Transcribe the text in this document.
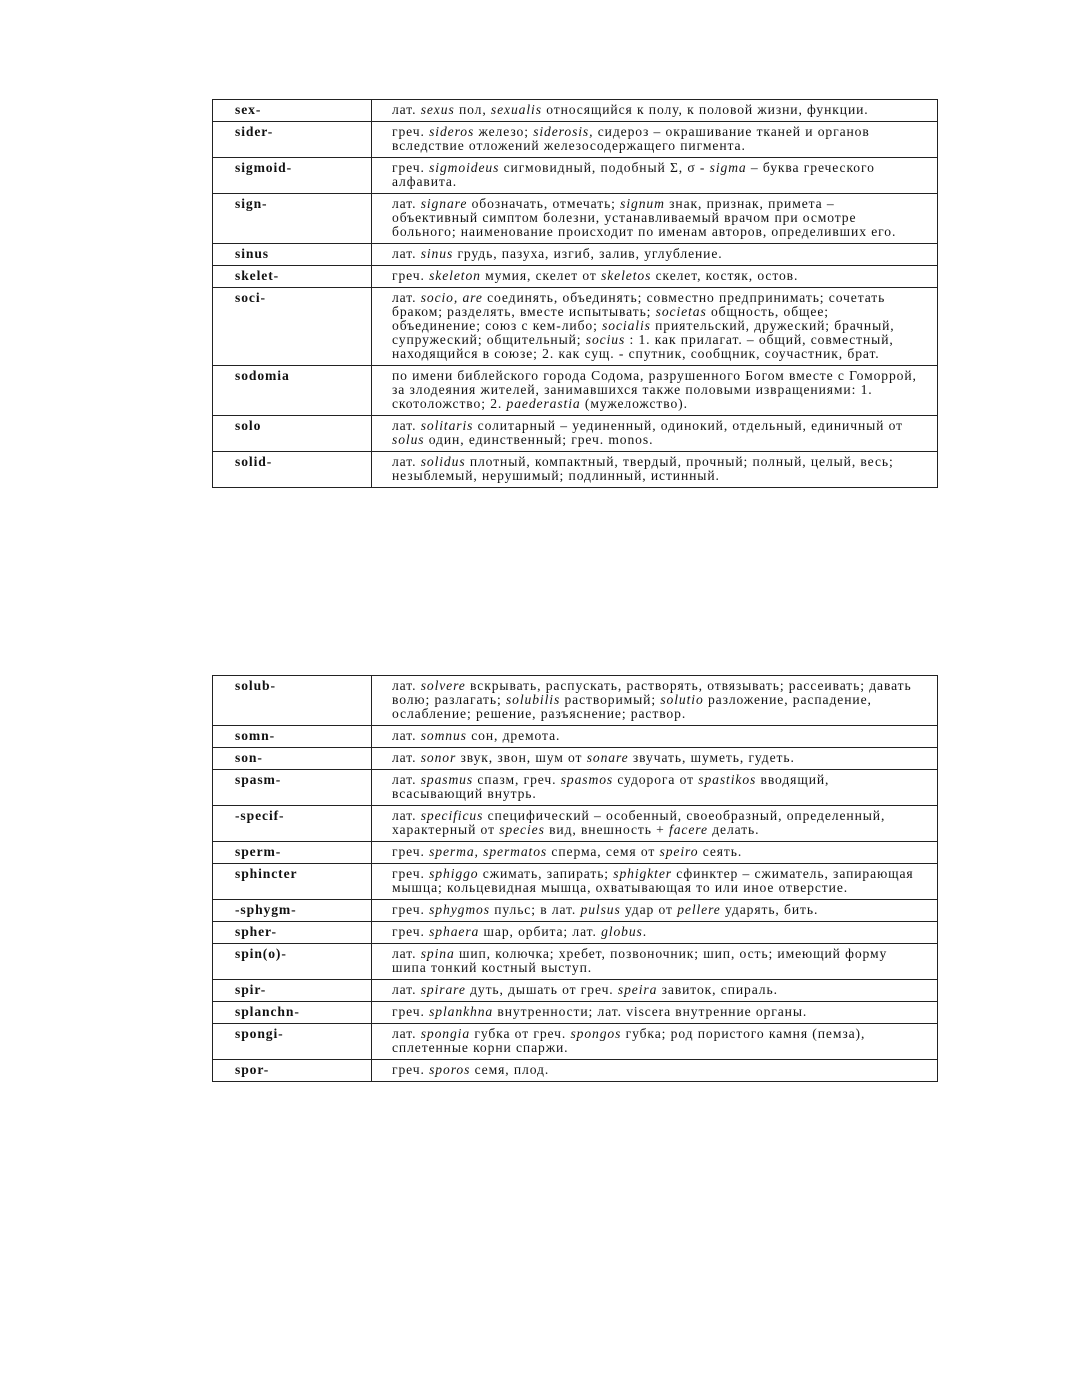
sex-	лат. sexus пол, sexualis относящийся к полу, к половой жизни, функции.
sider-	греч. sideros железо; siderosis, сидероз – окрашивание тканей и органов вследствие отложений железосодержащего пигмента.
sigmoid-	греч. sigmoideus сигмовидный, подобный Σ, σ - sigma – буква греческого алфавита.
sign-	лат. signare обозначать, отмечать; signum знак, признак, примета – объективный симптом болезни, устанавливаемый врачом при осмотре больного; наименование происходит по именам авторов, определивших его.
sinus	лат. sinus грудь, пазуха, изгиб, залив, углубление.
skelet-	греч. skeleton мумия, скелет от skeletos скелет, костяк, остов.
soci-	лат. socio, are соединять, объединять; совместно предпринимать; сочетать браком; разделять, вместе испытывать; societas общность, общее; объединение; союз с кем-либо; socialis приятельский, дружеский; брачный, супружеский; общительный; socius : 1. как прилагат. – общий, совместный, находящийся в союзе; 2. как сущ. - спутник, сообщник, соучастник, брат.
sodomia	по имени библейского города Содома, разрушенного Богом вместе с Гоморрой, за злодеяния жителей, занимавшихся также половыми извращениями: 1. скотоложство; 2. paederastia (мужеложство).
solo	лат. solitaris солитарный – уединенный, одинокий, отдельный, единичный от solus один, единственный; греч. monos.
solid-	лат. solidus плотный, компактный, твердый, прочный; полный, целый, весь; незыблемый, нерушимый; подлинный, истинный.
solub-	лат. solvere вскрывать, распускать, растворять, отвязывать; рассеивать; давать волю; разлагать; solubilis растворимый; solutio разложение, распадение, ослабление; решение, разъяснение; раствор.
somn-	лат. somnus сон, дремота.
son-	лат. sonor звук, звон, шум от sonare звучать, шуметь, гудеть.
spasm-	лат. spasmus спазм, греч. spasmos судорога от spastikos вводящий, всасывающий внутрь.
-specif-	лат. specificus специфический – особенный, своеобразный, определенный, характерный от species вид, внешность + facere делать.
sperm-	греч. sperma, spermatos сперма, семя от speiro сеять.
sphincter	греч. sphiggo сжимать, запирать; sphigkter сфинктер – сжиматель, запирающая мышца; кольцевидная мышца, охватывающая то или иное отверстие.
-sphygm-	греч. sphygmos пульс; в лат. pulsus удар от pellere ударять, бить.
spher-	греч. sphaera шар, орбита; лат. globus.
spin(o)-	лат. spina шип, колючка; хребет, позвоночник; шип, ость; имеющий форму шипа тонкий костный выступ.
spir-	лат. spirare дуть, дышать от греч. speira завиток, спираль.
splanchn-	греч. splankhna внутренности; лат. viscera внутренние органы.
spongi-	лат. spongia губка от греч. spongos губка; род пористого камня (пемза), сплетенные корни спаржи.
spor-	греч. sporos семя, плод.
